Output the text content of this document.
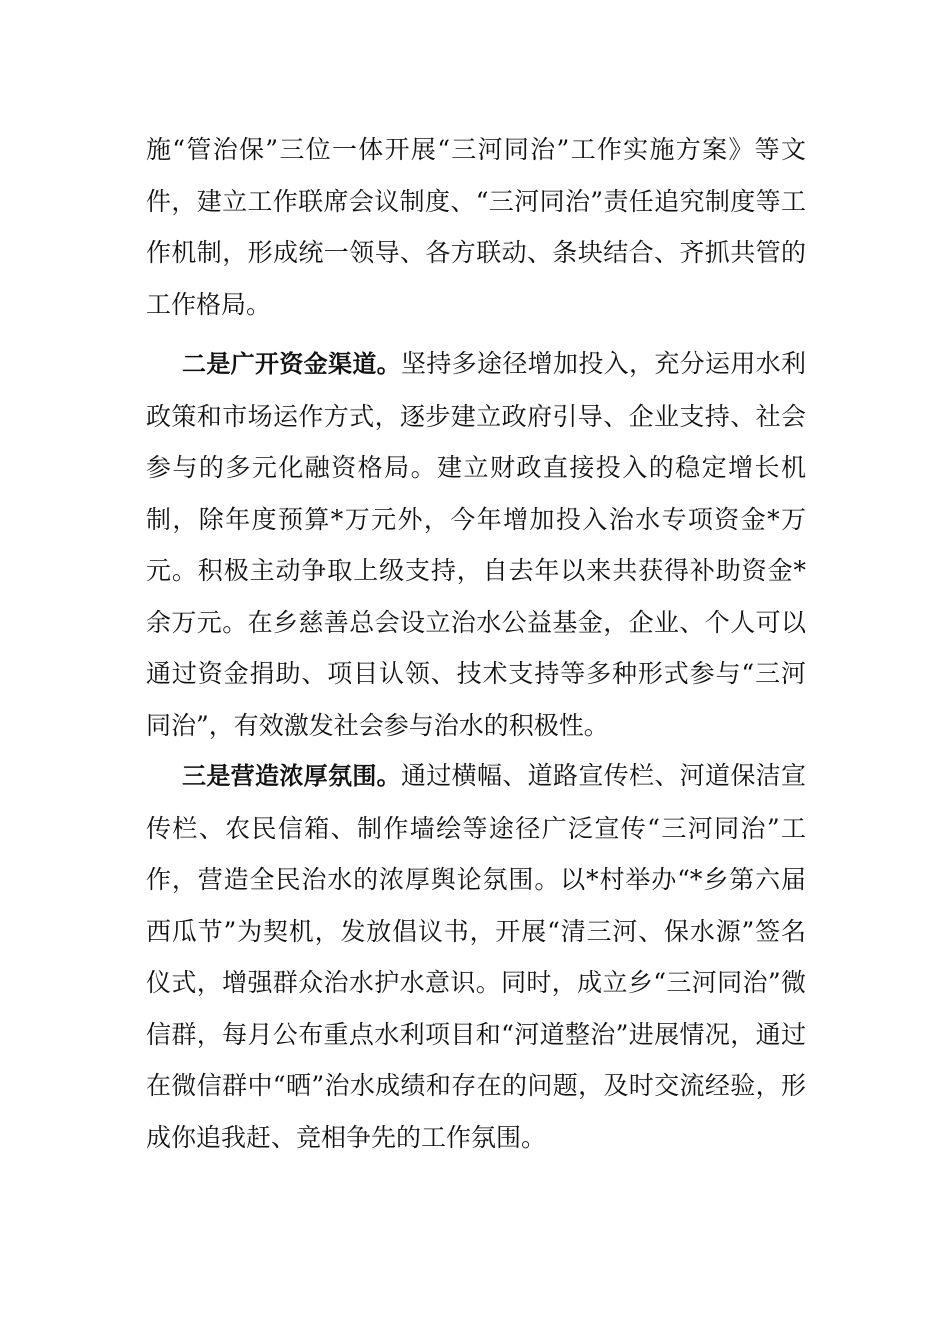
施“管治保”三位一体开展“三河同治”工作实施方案》等文件，建立工作联席会议制度、“三河同治”责任追究制度等工作机制，形成统一领导、各方联动、条块结合、齐抓共管的工作格局。

二是广开资金渠道。坚持多途径增加投入，充分运用水利政策和市场运作方式，逐步建立政府引导、企业支持、社会参与的多元化融资格局。建立财政直接投入的稳定增长机制，除年度预算*万元外，今年增加投入治水专项资金*万元。积极主动争取上级支持，自去年以来共获得补助资金*余万元。在乡慈善总会设立治水公益基金，企业、个人可以通过资金捐助、项目认领、技术支持等多种形式参与“三河同治”，有效激发社会参与治水的积极性。

三是营造浓厚氛围。通过横幅、道路宣传栏、河道保洁宣传栏、农民信箱、制作墙绘等途径广泛宣传“三河同治”工作，营造全民治水的浓厚舆论氛围。以*村举办“*乡第六届西瓜节”为契机，发放倡议书，开展“清三河、保水源”签名仪式，增强群众治水护水意识。同时，成立乡“三河同治”微信群，每月公布重点水利项目和“河道整治”进展情况，通过在微信群中“晒”治水成绩和存在的问题，及时交流经验，形成你追我赶、竞相争先的工作氛围。
